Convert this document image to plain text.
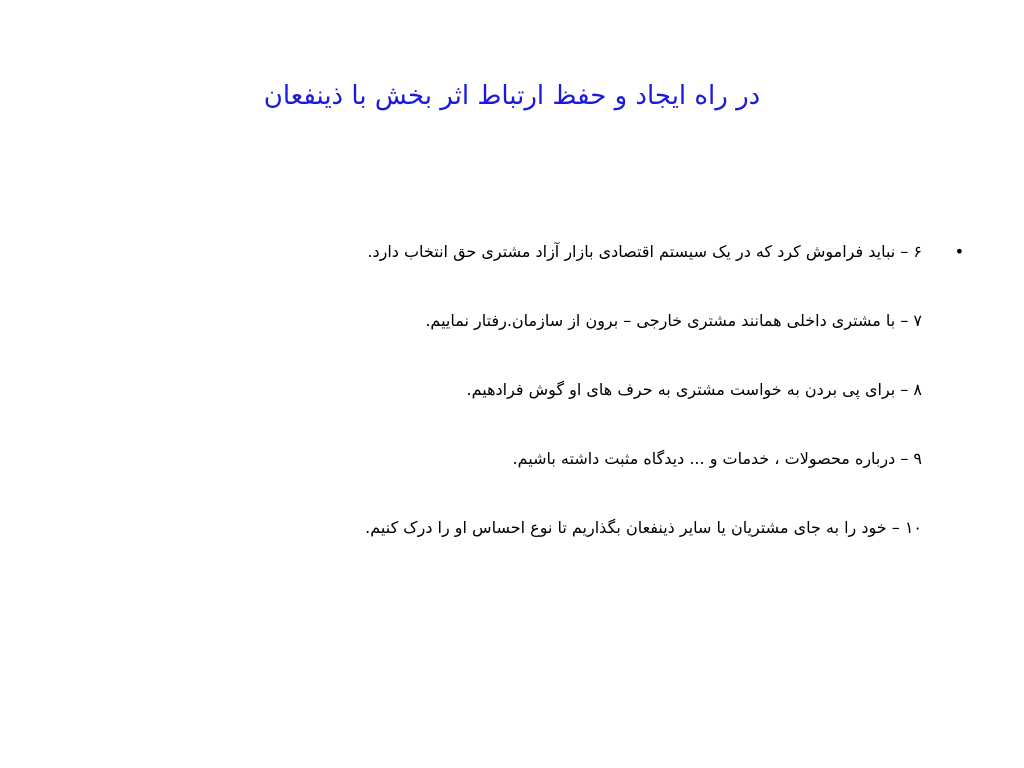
در راه ایجاد و حفظ ارتباط اثر بخش با ذینفعان
•
۶ – نباید فراموش کرد که در یک سیستم اقتصادی بازار آزاد مشتری حق انتخاب دارد.
۷ – با مشتری داخلی همانند مشتری خارجی – برون از سازمان.رفتار نماییم.
۸ – برای پی بردن به خواست مشتری به حرف های او گوش فرادهیم.
۹ – درباره محصولات ، خدمات و ... دیدگاه مثبت داشته باشیم.
۱۰ – خود را به جای مشتریان یا سایر ذینفعان بگذاریم تا نوع احساس او را درک کنیم.
